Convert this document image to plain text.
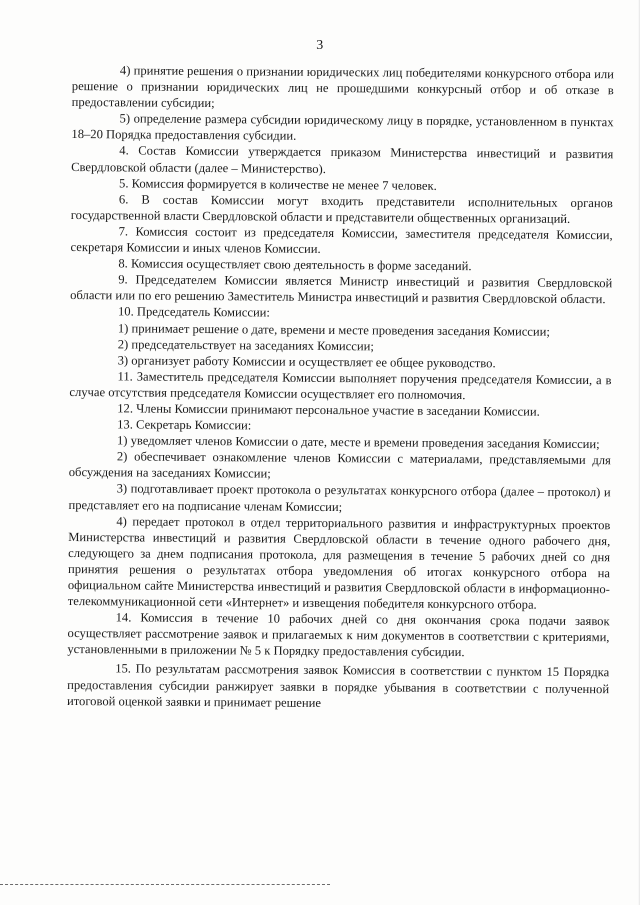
3

4) принятие решения о признании юридических лиц победителями конкурсного отбора или решение о признании юридических лиц не прошедшими конкурсный отбор и об отказе в предоставлении субсидии;

5) определение размера субсидии юридическому лицу в порядке, установленном в пунктах 18–20 Порядка предоставления субсидии.

4. Состав Комиссии утверждается приказом Министерства инвестиций и развития Свердловской области (далее – Министерство).

5. Комиссия формируется в количестве не менее 7 человек.

6. В состав Комиссии могут входить представители исполнительных органов государственной власти Свердловской области и представители общественных организаций.

7. Комиссия состоит из председателя Комиссии, заместителя председателя Комиссии, секретаря Комиссии и иных членов Комиссии.

8. Комиссия осуществляет свою деятельность в форме заседаний.

9. Председателем Комиссии является Министр инвестиций и развития Свердловской области или по его решению Заместитель Министра инвестиций и развития Свердловской области.

10. Председатель Комиссии:

1) принимает решение о дате, времени и месте проведения заседания Комиссии;

2) председательствует на заседаниях Комиссии;

3) организует работу Комиссии и осуществляет ее общее руководство.

11. Заместитель председателя Комиссии выполняет поручения председателя Комиссии, а в случае отсутствия председателя Комиссии осуществляет его полномочия.

12. Члены Комиссии принимают персональное участие в заседании Комиссии.

13. Секретарь Комиссии:

1) уведомляет членов Комиссии о дате, месте и времени проведения заседания Комиссии;

2) обеспечивает ознакомление членов Комиссии с материалами, представляемыми для обсуждения на заседаниях Комиссии;

3) подготавливает проект протокола о результатах конкурсного отбора (далее – протокол) и представляет его на подписание членам Комиссии;

4) передает протокол в отдел территориального развития и инфраструктурных проектов Министерства инвестиций и развития Свердловской области в течение одного рабочего дня, следующего за днем подписания протокола, для размещения в течение 5 рабочих дней со дня принятия решения о результатах отбора уведомления об итогах конкурсного отбора на официальном сайте Министерства инвестиций и развития Свердловской области в информационно-телекоммуникационной сети «Интернет» и извещения победителя конкурсного отбора.

14. Комиссия в течение 10 рабочих дней со дня окончания срока подачи заявок осуществляет рассмотрение заявок и прилагаемых к ним документов в соответствии с критериями, установленными в приложении № 5 к Порядку предоставления субсидии.

15. По результатам рассмотрения заявок Комиссия в соответствии с пунктом 15 Порядка предоставления субсидии ранжирует заявки в порядке убывания в соответствии с полученной итоговой оценкой заявки и принимает решение
